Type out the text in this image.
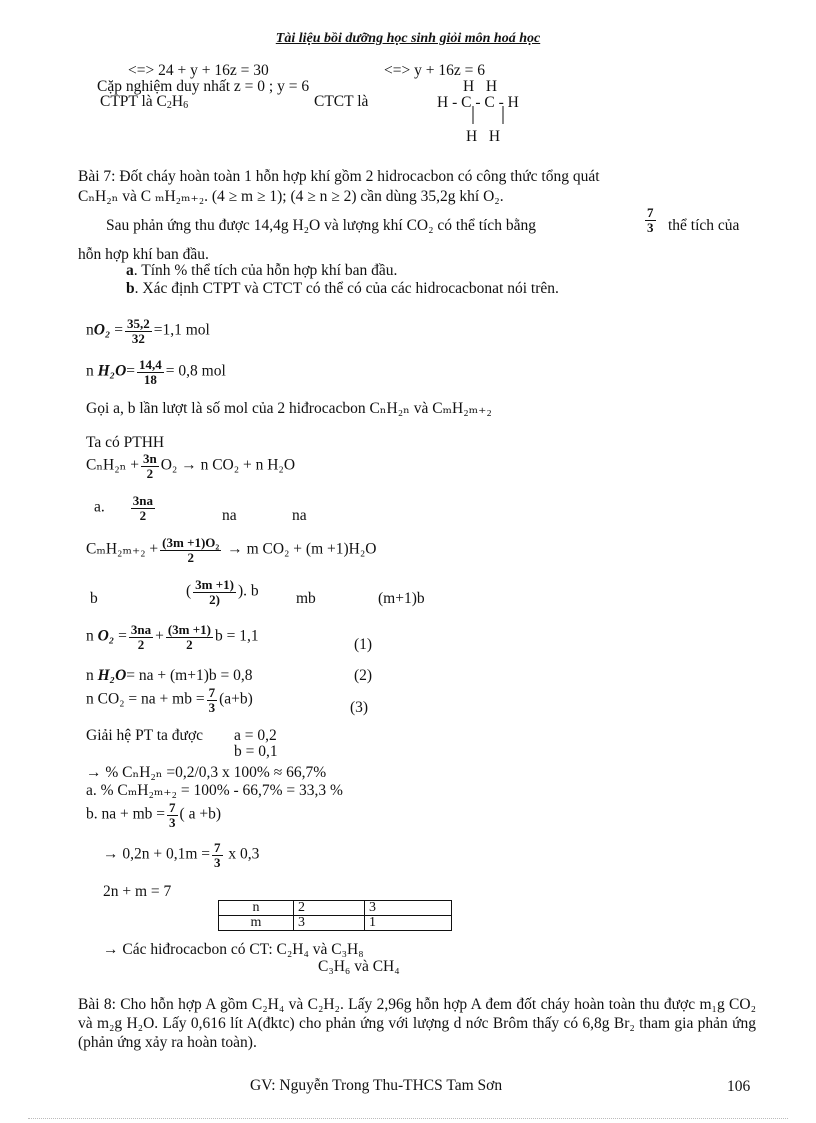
Tài liệu bồi dưỡng học sinh giỏi môn hoá học
<=> 24 + y + 16z = 30	<=> y + 16z = 6
Cặp nghiệm duy nhất z = 0 ; y = 6
CTPT là $C_2H_6$	CTCT là
H   H
H - C - C - H
H   H
Bài 7: Đốt cháy hoàn toàn 1 hỗn hợp khí gồm 2 hidrocacbon có công thức tổng quát
CₙH₂ₙ và C ₘH₂ₘ₊₂. (4 ≥ m ≥ 1); (4 ≥ n ≥ 2) cần dùng 35,2g khí O₂.
Sau phản ứng thu được 14,4g H₂O và lượng khí CO₂ có thể tích bằng	$\frac{7}{3}$ thể tích của
hỗn hợp khí ban đầu.
a. Tính % thể tích của hỗn hợp khí ban đầu.
b. Xác định CTPT và CTCT có thể có của các hidrocacbonat nói trên.
$nO_2 = \frac{35,2}{32} =1,1$ mol
n $H_2O= \frac{14,4}{18} = 0,8$ mol
Gọi a, b lần lượt là số mol của 2 hiđrocacbon CₙH₂ₙ và CₘH₂ₘ₊₂
Ta có PTHH
$C_nH_{2n} + \frac{3n}{2} O_2 \to n$ CO₂ + n H₂O
a. $\frac{3na}{2}$	na	na
$C_mH_{2m+2} + \frac{\text{(3m +1)O₂}}{2} \to m$ CO₂ + (m +1)H₂O
b	( $\frac{3m +1)}{2)}$ ). b mb	(m+1)b
n $O_2 = \frac{3na}{2} + \frac{(3m +1)}{2}$ b = 1,1	(1)
n H₂O= na + (m+1)b = 0,8	(2)
n CO₂ = na + mb = $\frac{7}{3} (a+b)$	(3)
Giải hệ PT ta được a = 0,2
b = 0,1
→ % CₙH₂ₙ =0,2/0,3 x 100% ≈ 66,7%
a. % CₘH₂ₘ₊₂ = 100% - 66,7% = 33,3 %
b. na + mb = $\frac{7}{3}$ ( a +b)
→ $0,2n + 0,1m = \frac{7}{3}$ x 0,3
2n + m = 7
n	2	3
m	3	1
→ Các hiđrocacbon có CT: C₂H₄ và C₃H₈
C₃H₆ và CH₄
Bài 8: Cho hỗn hợp A gồm C₂H₄ và C₂H₂. Lấy 2,96g hỗn hợp A đem đốt cháy hoàn toàn thu được m₁g CO₂ và m₂g H₂O. Lấy 0,616 lít A(đktc) cho phản ứng với lượng d nớc Brôm thấy có 6,8g Br₂ tham gia phản ứng (phản ứng xảy ra hoàn toàn).
GV: Nguyễn Trong Thu-THCS Tam Sơn	106
